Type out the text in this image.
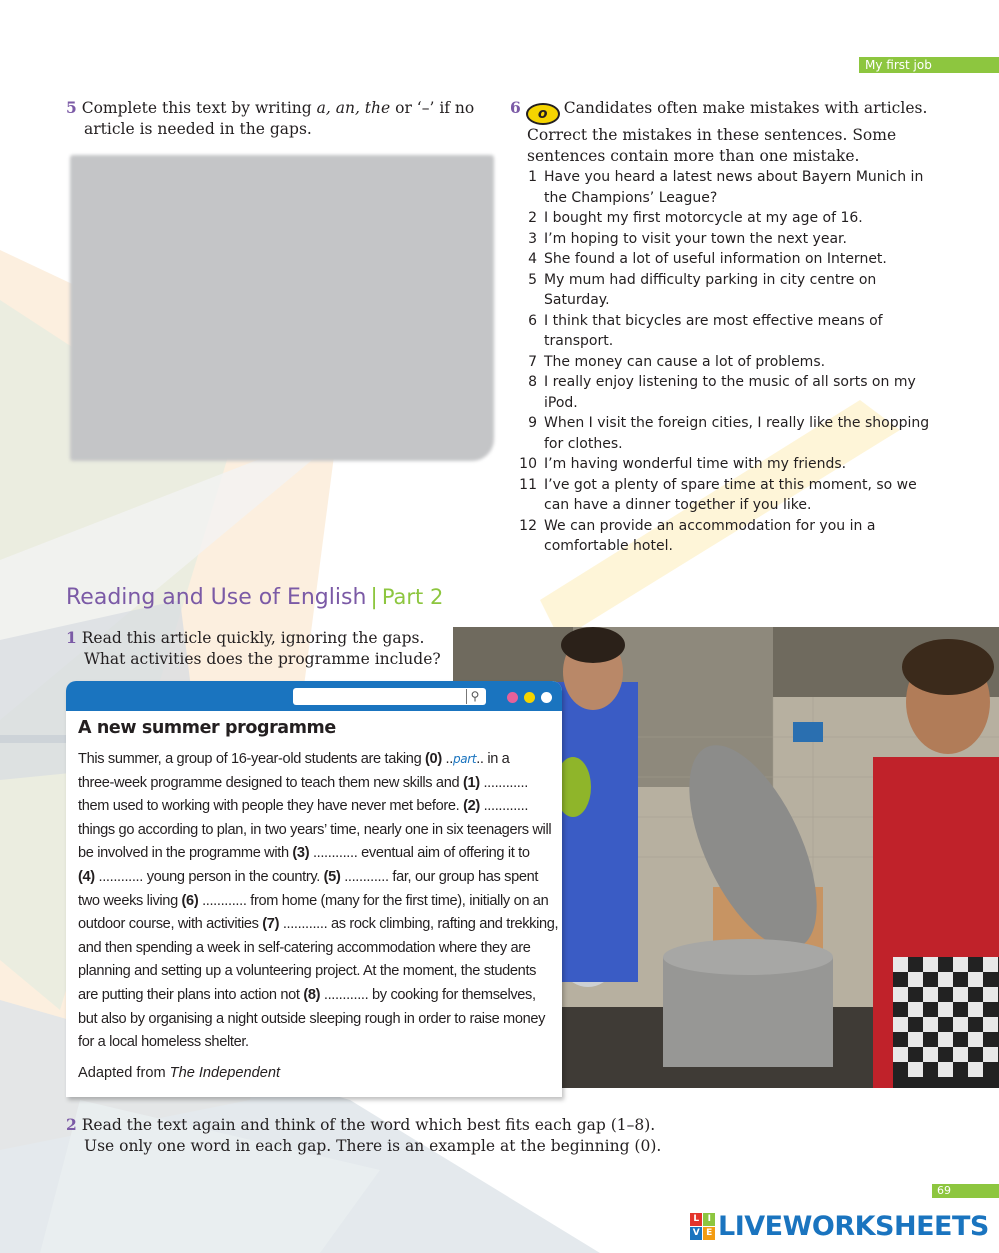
My first job
5 Complete this text by writing a, an, the or ‘–’ if no
article is needed in the gaps.
6 o Candidates often make mistakes with articles.
Correct the mistakes in these sentences. Some
sentences contain more than one mistake.
1 Have you heard a latest news about Bayern Munich in the Champions’ League?
2 I bought my first motorcycle at my age of 16.
3 I’m hoping to visit your town the next year.
4 She found a lot of useful information on Internet.
5 My mum had difficulty parking in city centre on Saturday.
6 I think that bicycles are most effective means of transport.
7 The money can cause a lot of problems.
8 I really enjoy listening to the music of all sorts on my iPod.
9 When I visit the foreign cities, I really like the shopping for clothes.
10 I’m having wonderful time with my friends.
11 I’ve got a plenty of spare time at this moment, so we can have a dinner together if you like.
12 We can provide an accommodation for you in a comfortable hotel.
Reading and Use of English | Part 2
1 Read this article quickly, ignoring the gaps.
What activities does the programme include?
⚲
A new summer programme
This summer, a group of 16-year-old students are taking (0) ..part.. in a
three-week programme designed to teach them new skills and (1) ............
them used to working with people they have never met before. (2) ............
things go according to plan, in two years’ time, nearly one in six teenagers will
be involved in the programme with (3) ............ eventual aim of offering it to
(4) ............ young person in the country. (5) ............ far, our group has spent
two weeks living (6) ............ from home (many for the first time), initially on an
outdoor course, with activities (7) ............ as rock climbing, rafting and trekking,
and then spending a week in self-catering accommodation where they are
planning and setting up a volunteering project. At the moment, the students
are putting their plans into action not (8) ............ by cooking for themselves,
but also by organising a night outside sleeping rough in order to raise money
for a local homeless shelter.
Adapted from The Independent
2 Read the text again and think of the word which best fits each gap (1–8).
Use only one word in each gap. There is an example at the beginning (0).
69
L I
V E LIVEWORKSHEETS
